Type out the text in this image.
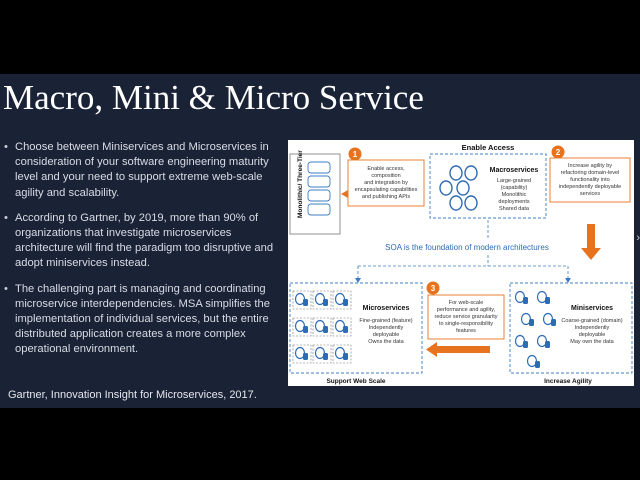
Macro, Mini & Micro Service
• Choose between Miniservices and Microservices in consideration of your software engineering maturity level and your need to support extreme web-scale agility and scalability.
• According to Gartner, by 2019, more than 90% of organizations that investigate microservices architecture will find the paradigm too disruptive and adopt miniservices instead.
• The challenging part is managing and coordinating microservice interdependencies. MSA simplifies the implementation of individual services, but the entire distributed application creates a more complex operational environment.
Gartner, Innovation Insight for Microservices, 2017.
›
Enable Access
Monolithic/ Three-Tier	1
Enable access,
composition
and integration by
encapsulating capabilities
and publishing APIs
Macroservices
Large-grained
(capability)
Monolithic
deployments
Shared data
2
Increase agility by
refactoring domain-level
functionality into
independently deployable
services
SOA is the foundation of modern architectures
Microservices
Fine-grained (feature)
Independently
deployable
Owns the data
Support Web Scale
3
For web-scale
performance and agility,
reduce service granularity
to single-responsibility
features
Miniservices
Coarse-grained (domain)
Independently
deployable
May own the data
Increase Agility
